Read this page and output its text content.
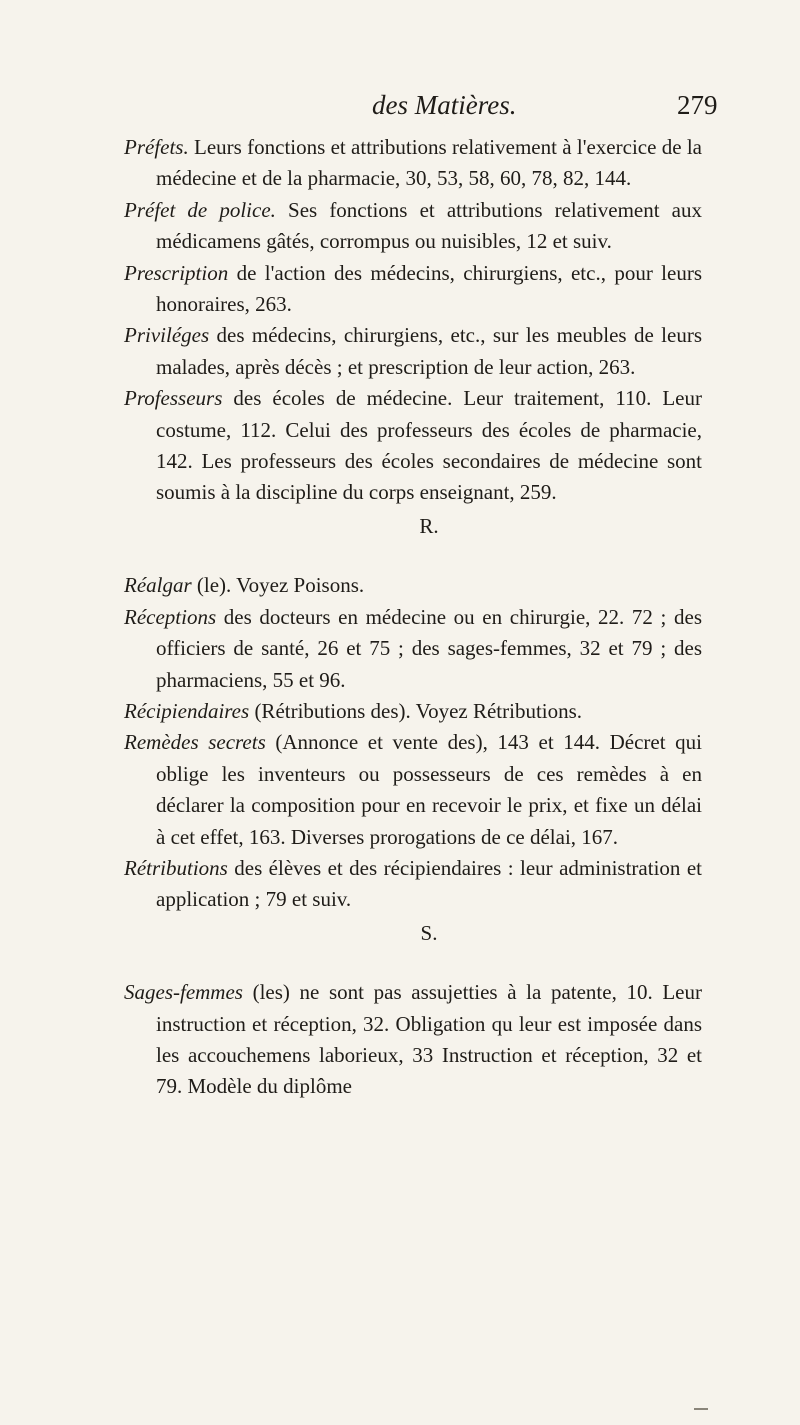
des Matières.	279

Préfets. Leurs fonctions et attributions relativement à l'exercice de la médecine et de la pharmacie, 30, 53, 58, 60, 78, 82, 144.

Préfet de police. Ses fonctions et attributions relativement aux médicamens gâtés, corrompus ou nuisibles, 12 et suiv.

Prescription de l'action des médecins, chirurgiens, etc., pour leurs honoraires, 263.

Priviléges des médecins, chirurgiens, etc., sur les meubles de leurs malades, après décès ; et prescription de leur action, 263.

Professeurs des écoles de médecine. Leur traitement, 110. Leur costume, 112. Celui des professeurs des écoles de pharmacie, 142. Les professeurs des écoles secondaires de médecine sont soumis à la discipline du corps enseignant, 259.

R.

Réalgar (le). Voyez Poisons.

Réceptions des docteurs en médecine ou en chirurgie, 22. 72 ; des officiers de santé, 26 et 75 ; des sages-femmes, 32 et 79 ; des pharmaciens, 55 et 96.

Récipiendaires (Rétributions des). Voyez Rétributions.

Remèdes secrets (Annonce et vente des), 143 et 144. Décret qui oblige les inventeurs ou possesseurs de ces remèdes à en déclarer la composition pour en recevoir le prix, et fixe un délai à cet effet, 163. Diverses prorogations de ce délai, 167.

Rétributions des élèves et des récipiendaires : leur administration et application ; 79 et suiv.

S.

Sages-femmes (les) ne sont pas assujetties à la patente, 10. Leur instruction et réception, 32. Obligation qu leur est imposée dans les accouchemens laborieux, 33 Instruction et réception, 32 et 79. Modèle du diplôme
